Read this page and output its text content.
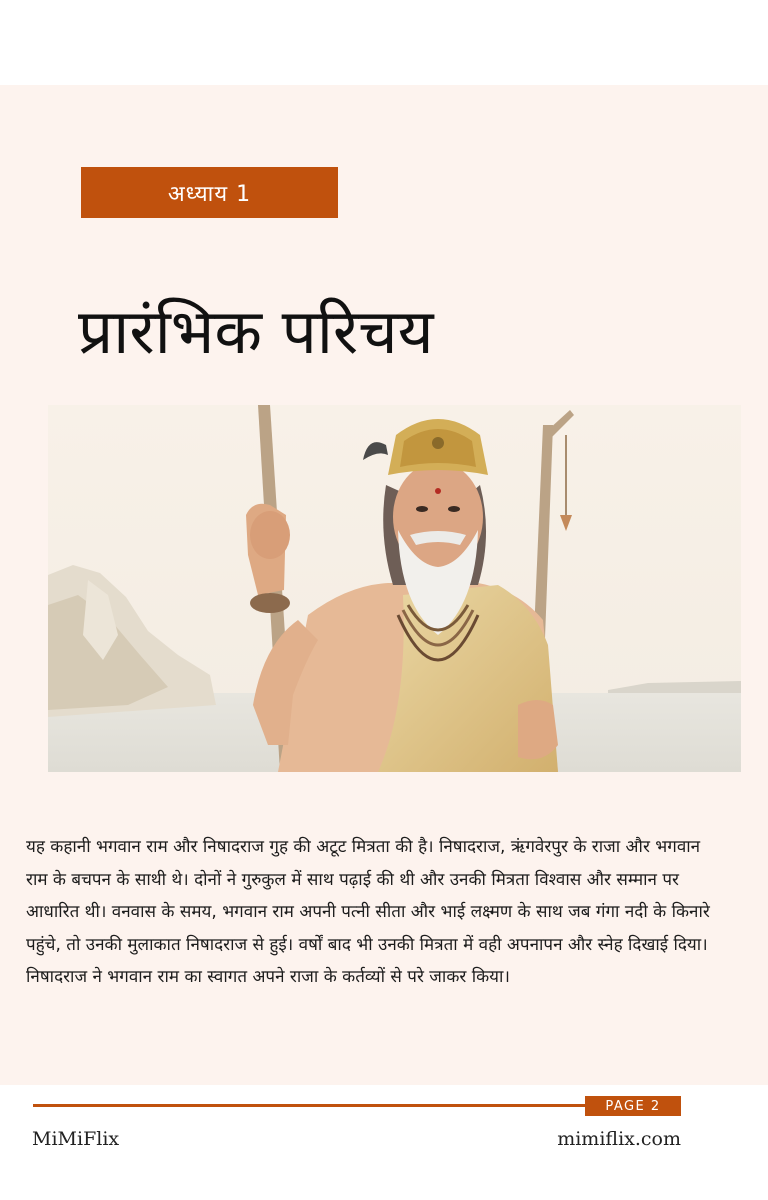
अध्याय 1
प्रारंभिक परिचय

यह कहानी भगवान राम और निषादराज गुह की अटूट मित्रता की है। निषादराज, ऋंगवेरपुर के राजा और भगवान राम के बचपन के साथी थे। दोनों ने गुरुकुल में साथ पढ़ाई की थी और उनकी मित्रता विश्वास और सम्मान पर आधारित थी। वनवास के समय, भगवान राम अपनी पत्नी सीता और भाई लक्ष्मण के साथ जब गंगा नदी के किनारे पहुंचे, तो उनकी मुलाकात निषादराज से हुई। वर्षों बाद भी उनकी मित्रता में वही अपनापन और स्नेह दिखाई दिया। निषादराज ने भगवान राम का स्वागत अपने राजा के कर्तव्यों से परे जाकर किया।

PAGE 2
MiMiFlix	mimiflix.com
